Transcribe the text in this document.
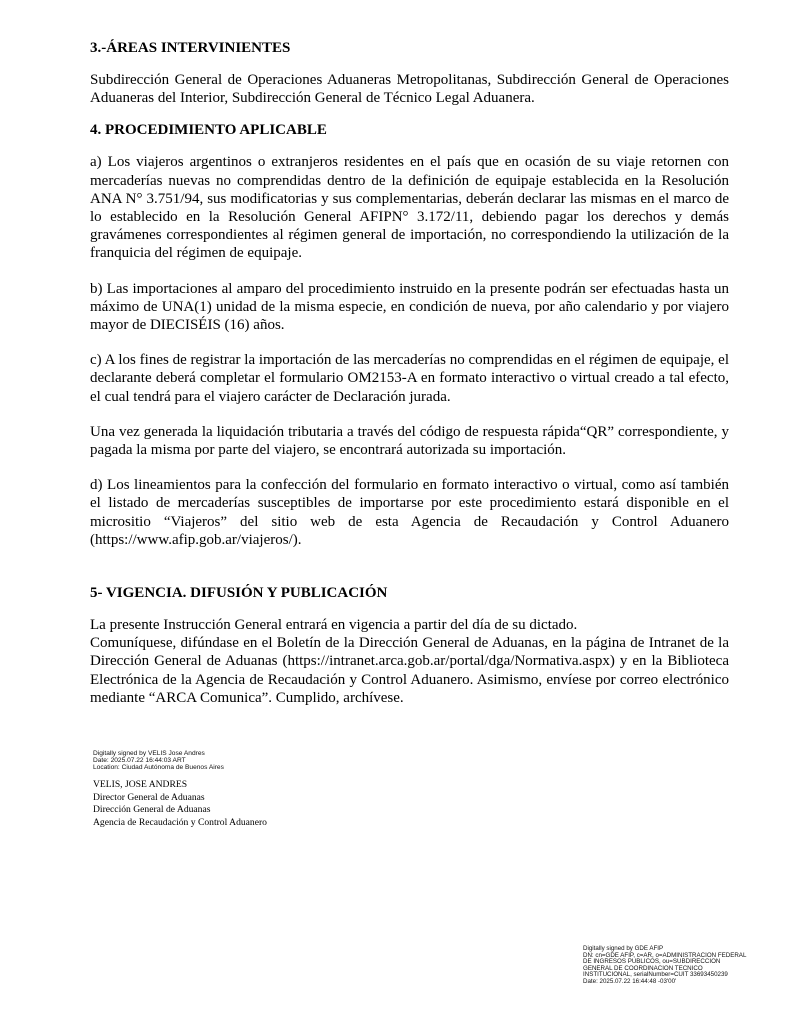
3.-ÁREAS INTERVINIENTES

Subdirección General de Operaciones Aduaneras Metropolitanas, Subdirección General de Operaciones Aduaneras del Interior, Subdirección General de Técnico Legal Aduanera.

4. PROCEDIMIENTO APLICABLE

a) Los viajeros argentinos o extranjeros residentes en el país que en ocasión de su viaje retornen con mercaderías nuevas no comprendidas dentro de la definición de equipaje establecida en la Resolución ANA N° 3.751/94, sus modificatorias y sus complementarias, deberán declarar las mismas en el marco de lo establecido en la Resolución General AFIPN° 3.172/11, debiendo pagar los derechos y demás gravámenes correspondientes al régimen general de importación, no correspondiendo la utilización de la franquicia del régimen de equipaje.

b) Las importaciones al amparo del procedimiento instruido en la presente podrán ser efectuadas hasta un máximo de UNA(1) unidad de la misma especie, en condición de nueva, por año calendario y por viajero mayor de DIECISÉIS (16) años.

c) A los fines de registrar la importación de las mercaderías no comprendidas en el régimen de equipaje, el declarante deberá completar el formulario OM2153-A en formato interactivo o virtual creado a tal efecto, el cual tendrá para el viajero carácter de Declaración jurada.

Una vez generada la liquidación tributaria a través del código de respuesta rápida“QR” correspondiente, y pagada la misma por parte del viajero, se encontrará autorizada su importación.

d) Los lineamientos para la confección del formulario en formato interactivo o virtual, como así también el listado de mercaderías susceptibles de importarse por este procedimiento estará disponible en el micrositio “Viajeros” del sitio web de esta Agencia de Recaudación y Control Aduanero (https://www.afip.gob.ar/viajeros/).

5- VIGENCIA. DIFUSIÓN Y PUBLICACIÓN

La presente Instrucción General entrará en vigencia a partir del día de su dictado.

Comuníquese, difúndase en el Boletín de la Dirección General de Aduanas, en la página de Intranet de la Dirección General de Aduanas (https://intranet.arca.gob.ar/portal/dga/Normativa.aspx) y en la Biblioteca Electrónica de la Agencia de Recaudación y Control Aduanero. Asimismo, envíese por correo electrónico mediante “ARCA Comunica”. Cumplido, archívese.

Digitally signed by VELIS Jose Andres

Date: 2025.07.22 16:44:03 ART

Location: Ciudad Autónoma de Buenos Aires

VELIS, JOSE ANDRES

Director General de Aduanas

Dirección General de Aduanas

Agencia de Recaudación y Control Aduanero

Digitally signed by GDE AFIP

DN: cn=GDE AFIP, c=AR, o=ADMINISTRACION FEDERAL

DE INGRESOS PUBLICOS, ou=SUBDIRECCION

GENERAL DE COORDINACION TECNICO

INSTITUCIONAL, serialNumber=CUIT 33693450239

Date: 2025.07.22 16:44:48 -03'00'
